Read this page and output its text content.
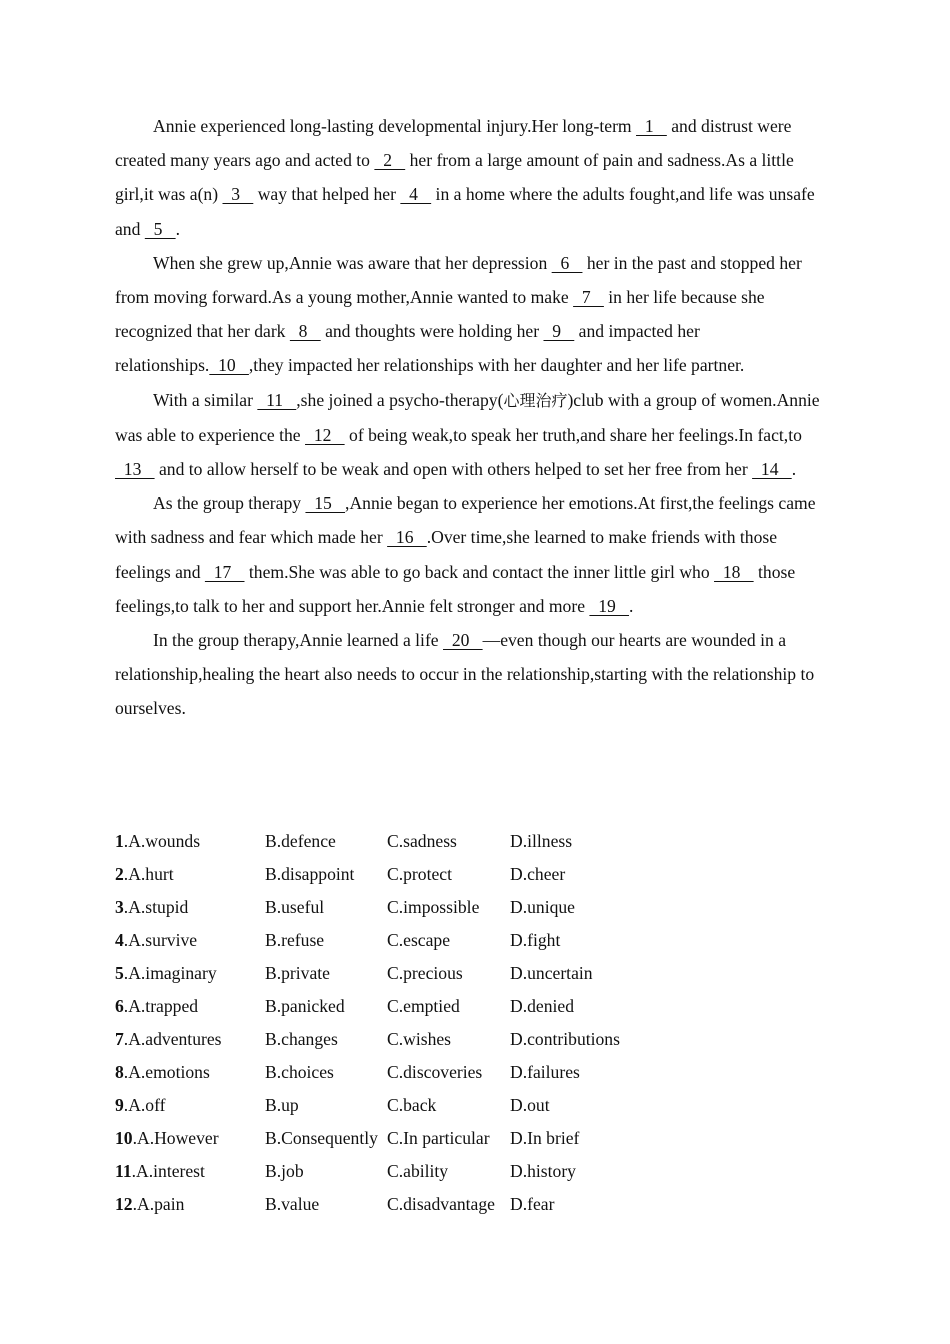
Annie experienced long-lasting developmental injury.Her long-term   1    and distrust were created many years ago and acted to   2    her from a large amount of pain and sadness.As a little girl,it was a(n)   3    way that helped her   4    in a home where the adults fought,and life was unsafe and   5   .

When she grew up,Annie was aware that her depression   6    her in the past and stopped her from moving forward.As a young mother,Annie wanted to make   7    in her life because she recognized that her dark   8    and thoughts were holding her   9    and impacted her relationships.  10   ,they impacted her relationships with her daughter and her life partner.

With a similar   11   ,she joined a psycho-therapy(心理治疗)club with a group of women.Annie was able to experience the   12    of being weak,to speak her truth,and share her feelings.In fact,to   13    and to allow herself to be weak and open with others helped to set her free from her   14   .

As the group therapy   15   ,Annie began to experience her emotions.At first,the feelings came with sadness and fear which made her   16   .Over time,she learned to make friends with those feelings and   17    them.She was able to go back and contact the inner little girl who   18    those feelings,to talk to her and support her.Annie felt stronger and more   19   .

In the group therapy,Annie learned a life   20   —even though our hearts are wounded in a relationship,healing the heart also needs to occur in the relationship,starting with the relationship to ourselves.

1.A.wounds	B.defence	C.sadness	D.illness
2.A.hurt	B.disappoint C.protect	D.cheer
3.A.stupid	B.useful	C.impossible D.unique
4.A.survive	B.refuse	C.escape	D.fight
5.A.imaginary	B.private	C.precious	D.uncertain
6.A.trapped	B.panicked C.emptied	D.denied
7.A.adventures B.changes	C.wishes	D.contributions
8.A.emotions	B.choices	C.discoveries D.failures
9.A.off	B.up	C.back	D.out
10.A.However	B.Consequently C.In particular D.In brief
11.A.interest	B.job	C.ability	D.history
12.A.pain	B.value	C.disadvantage D.fear
